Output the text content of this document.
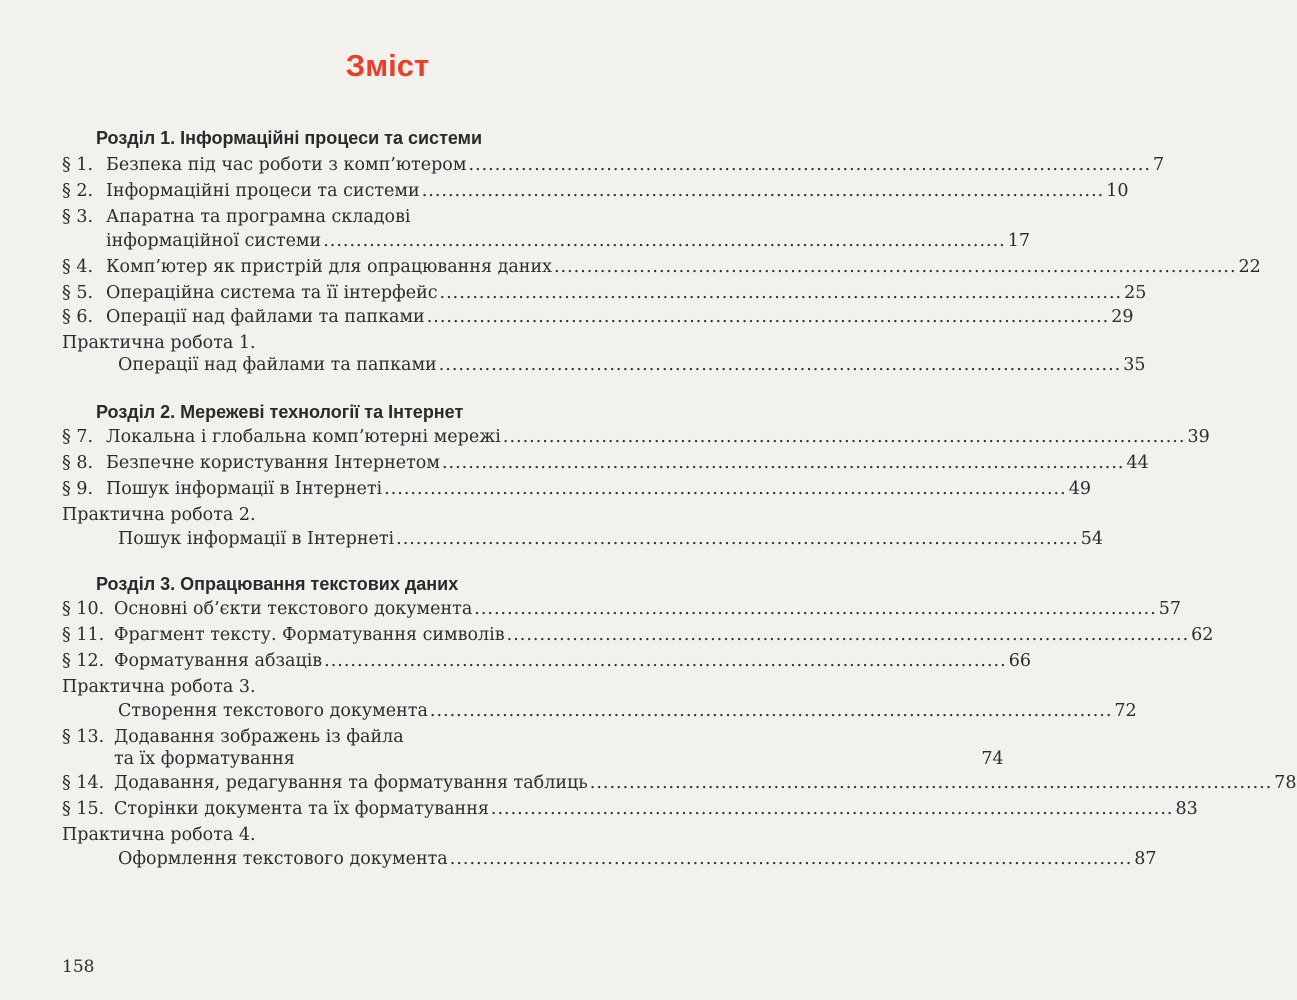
Зміст
Розділ 1. Інформаційні процеси та системи
§ 1. Безпека під час роботи з комп’ютером ........................................................................................................ 7
§ 2. Інформаційні процеси та системи ........................................................................................................ 10
§ 3. Апаратна та програмна складові
інформаційної системи ........................................................................................................ 17
§ 4. Комп’ютер як пристрій для опрацювання даних ........................................................................................................ 22
§ 5. Операційна система та її інтерфейс ........................................................................................................ 25
§ 6. Операції над файлами та папками ........................................................................................................ 29
Практична робота 1.
Операції над файлами та папками ........................................................................................................ 35
Розділ 2. Мережеві технології та Інтернет
§ 7. Локальна і глобальна комп’ютерні мережі ........................................................................................................ 39
§ 8. Безпечне користування Інтернетом ........................................................................................................ 44
§ 9. Пошук інформації в Інтернеті ........................................................................................................ 49
Практична робота 2.
Пошук інформації в Інтернеті ........................................................................................................ 54
Розділ 3. Опрацювання текстових даних
§ 10. Основні об’єкти текстового документа ........................................................................................................ 57
§ 11. Фрагмент тексту. Форматування символів ........................................................................................................ 62
§ 12. Форматування абзаців ........................................................................................................ 66
Практична робота 3.
Створення текстового документа ........................................................................................................ 72
§ 13. Додавання зображень із файла
та їх форматування	74
§ 14. Додавання, редагування та форматування таблиць ........................................................................................................ 78
§ 15. Сторінки документа та їх форматування ........................................................................................................ 83
Практична робота 4.
Оформлення текстового документа ........................................................................................................ 87
158
